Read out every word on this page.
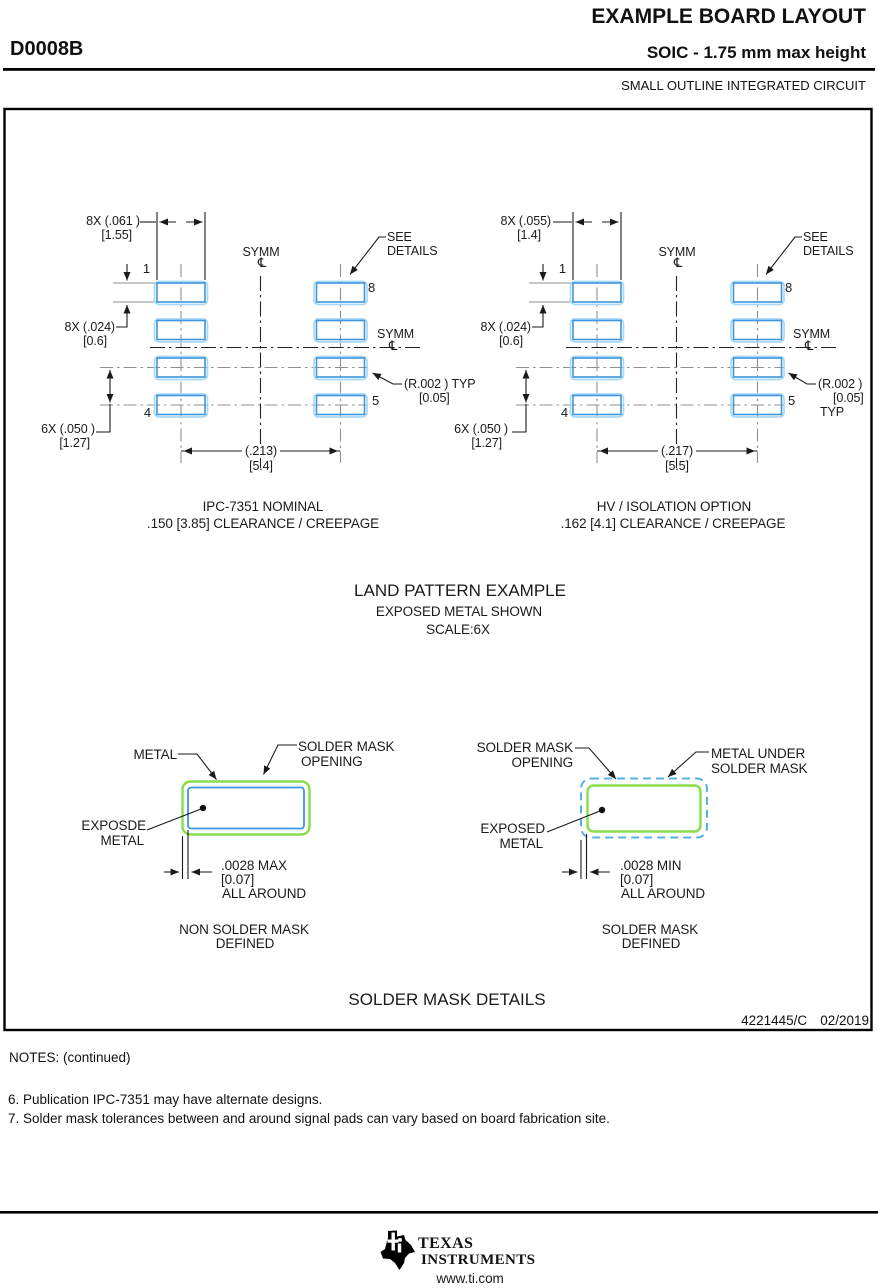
EXAMPLE BOARD LAYOUT
D0008B	SOIC - 1.75 mm max height
SMALL OUTLINE INTEGRATED CIRCUIT
8X (.061 )
[1.55]
SYMM
℄
SEE
DETAILS
1
8
8X (.024)
[0.6]	SYMM
℄
(R.002 ) TYP
[0.05]
5
4
6X (.050 )
[1.27]
(.213)
[5.4]
IPC-7351 NOMINAL
.150 [3.85] CLEARANCE / CREEPAGE
8X (.055)
[1.4]
SYMM
℄
SEE
DETAILS
1
8
8X (.024)
[0.6]	SYMM
℄
(R.002 )
[0.05]
TYP
5
4
6X (.050 )
[1.27]
(.217)
[5.5]
HV / ISOLATION OPTION
.162 [4.1] CLEARANCE / CREEPAGE
LAND PATTERN EXAMPLE
EXPOSED METAL SHOWN
SCALE:6X
METAL
SOLDER MASK
OPENING
EXPOSDE
METAL
.0028 MAX
[0.07]
ALL AROUND
NON SOLDER MASK
DEFINED
SOLDER MASK
OPENING
METAL UNDER
SOLDER MASK
EXPOSED
METAL
.0028 MIN
[0.07]
ALL AROUND
SOLDER MASK
DEFINED
SOLDER MASK DETAILS
4221445/C 02/2019
NOTES: (continued)
6. Publication IPC-7351 may have alternate designs.
7. Solder mask tolerances between and around signal pads can vary based on board fabrication site.
TEXAS
INSTRUMENTS
www.ti.com
